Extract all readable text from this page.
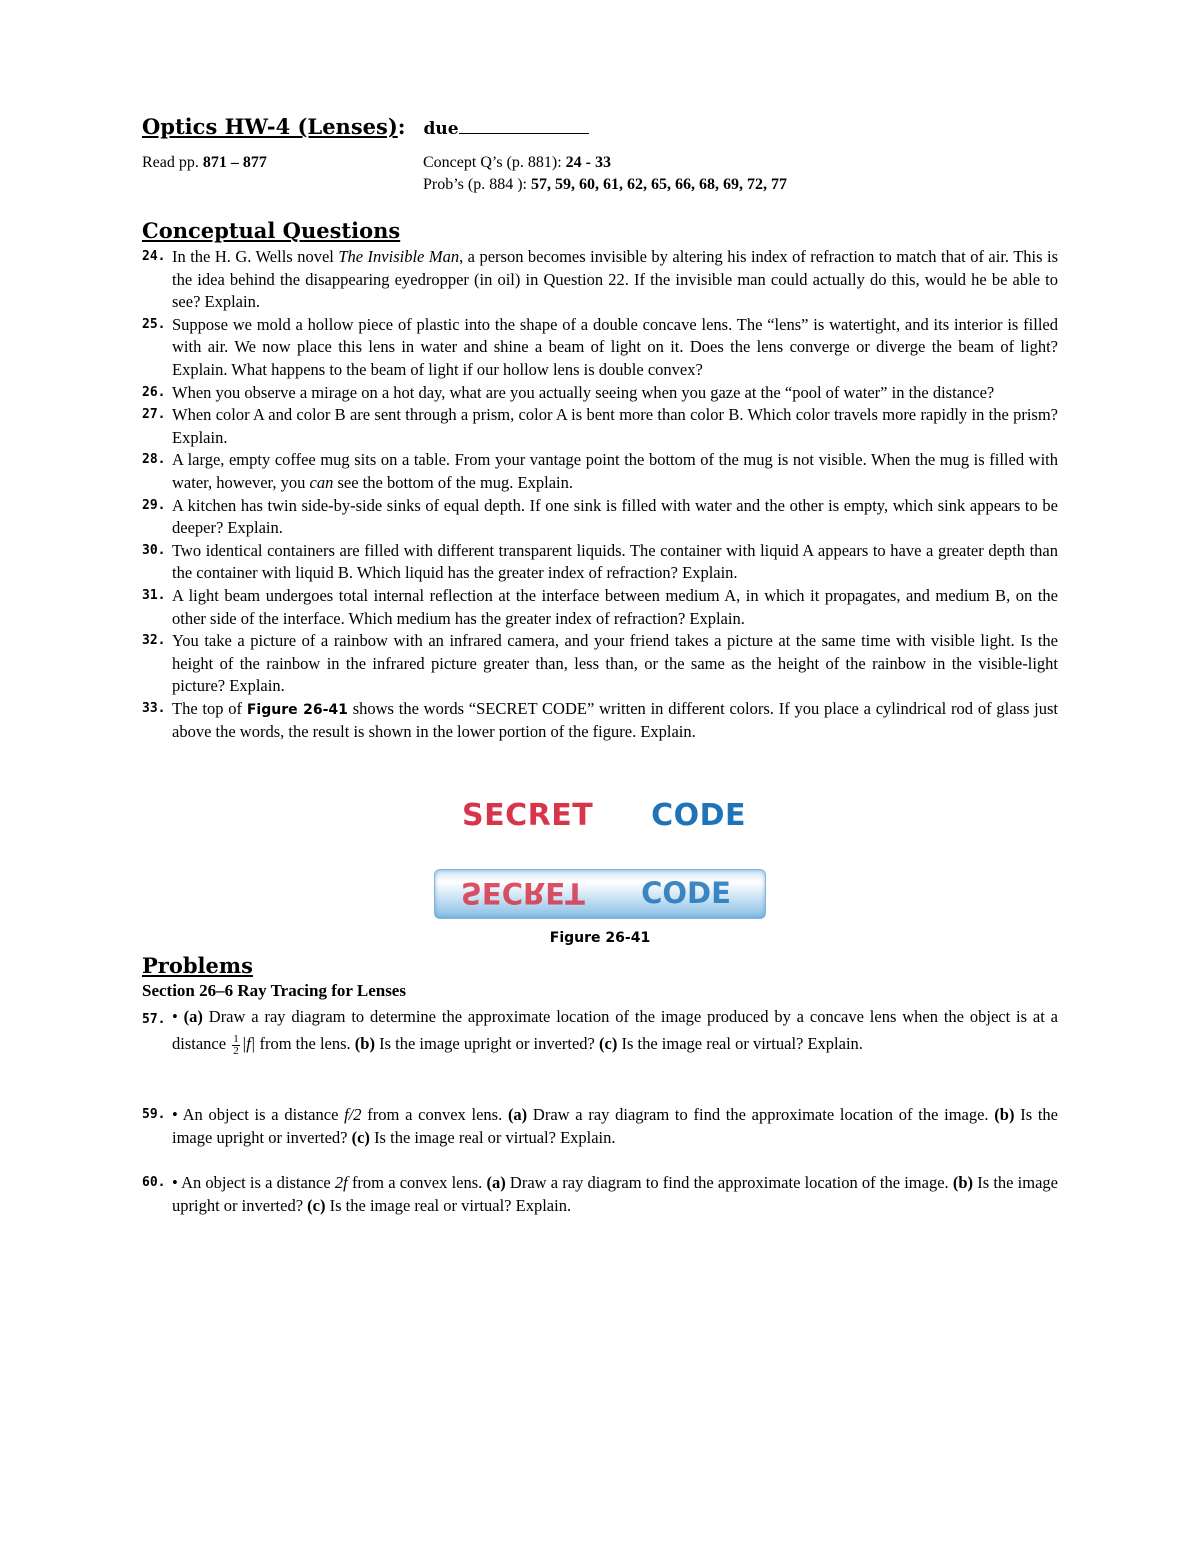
Optics HW-4 (Lenses): due
Read pp. 871 – 877	Concept Q’s (p. 881): 24 - 33
Prob’s (p. 884 ): 57, 59, 60, 61, 62, 65, 66, 68, 69, 72, 77
Conceptual Questions
24. In the H. G. Wells novel The Invisible Man, a person becomes invisible by altering his index of refraction to match that of air. This is the idea behind the disappearing eyedropper (in oil) in Question 22. If the invisible man could actually do this, would he be able to see? Explain.
25. Suppose we mold a hollow piece of plastic into the shape of a double concave lens. The “lens” is watertight, and its interior is filled with air. We now place this lens in water and shine a beam of light on it. Does the lens converge or diverge the beam of light? Explain. What happens to the beam of light if our hollow lens is double convex?
26. When you observe a mirage on a hot day, what are you actually seeing when you gaze at the “pool of water” in the distance?
27. When color A and color B are sent through a prism, color A is bent more than color B. Which color travels more rapidly in the prism? Explain.
28. A large, empty coffee mug sits on a table. From your vantage point the bottom of the mug is not visible. When the mug is filled with water, however, you can see the bottom of the mug. Explain.
29. A kitchen has twin side-by-side sinks of equal depth. If one sink is filled with water and the other is empty, which sink appears to be deeper? Explain.
30. Two identical containers are filled with different transparent liquids. The container with liquid A appears to have a greater depth than the container with liquid B. Which liquid has the greater index of refraction? Explain.
31. A light beam undergoes total internal reflection at the interface between medium A, in which it propagates, and medium B, on the other side of the interface. Which medium has the greater index of refraction? Explain.
32. You take a picture of a rainbow with an infrared camera, and your friend takes a picture at the same time with visible light. Is the height of the rainbow in the infrared picture greater than, less than, or the same as the height of the rainbow in the visible-light picture? Explain.
33. The top of Figure 26-41 shows the words “SECRET CODE” written in different colors. If you place a cylindrical rod of glass just above the words, the result is shown in the lower portion of the figure. Explain.
SECRET CODE
SECRET CODE
Figure 26-41
Problems
Section 26–6 Ray Tracing for Lenses
57. • (a) Draw a ray diagram to determine the approximate location of the image produced by a concave lens when the object is at a distance $\frac{1}{2} |f|$ from the lens. (b) Is the image upright or inverted? (c) Is the image real or virtual? Explain.
59. • An object is a distance f/2 from a convex lens. (a) Draw a ray diagram to find the approximate location of the image. (b) Is the image upright or inverted? (c) Is the image real or virtual? Explain.
60. • An object is a distance 2f from a convex lens. (a) Draw a ray diagram to find the approximate location of the image. (b) Is the image upright or inverted? (c) Is the image real or virtual? Explain.
